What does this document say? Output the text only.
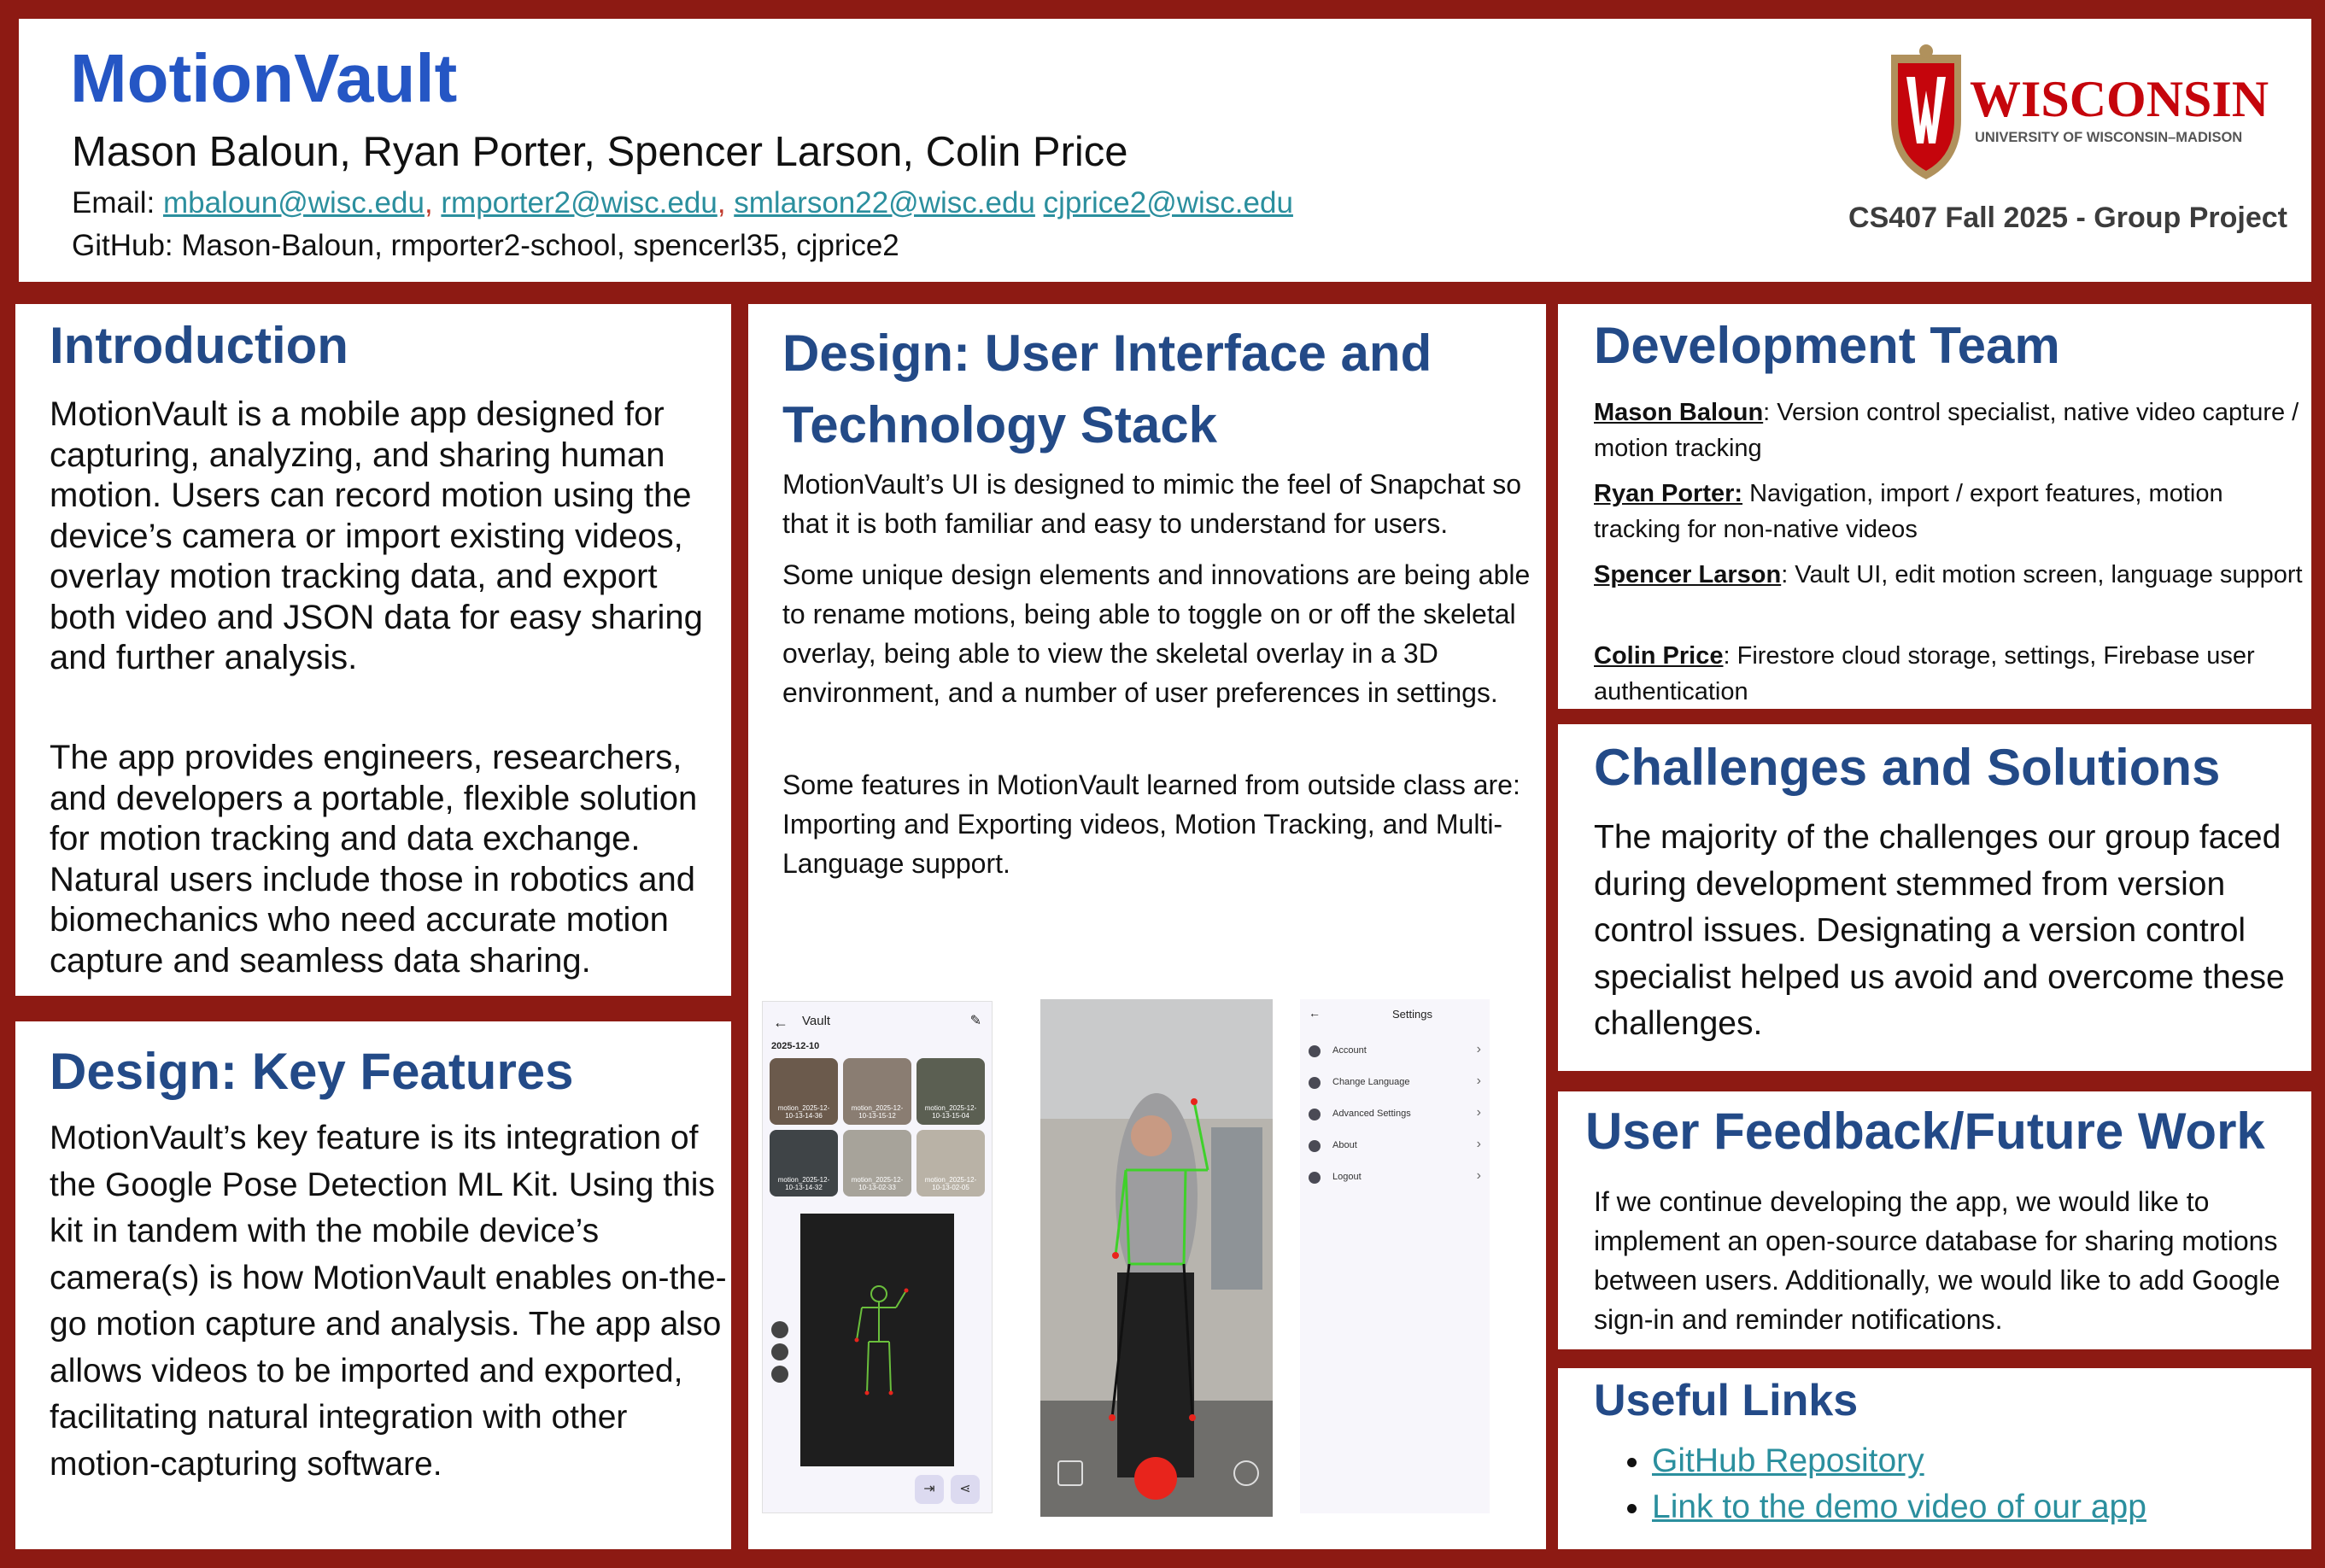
MotionVault
Mason Baloun, Ryan Porter, Spencer Larson, Colin Price
Email: mbaloun@wisc.edu, rmporter2@wisc.edu, smlarson22@wisc.edu cjprice2@wisc.edu
GitHub: Mason-Baloun, rmporter2-school, spencerl35, cjprice2
WISCONSIN
UNIVERSITY OF WISCONSIN–MADISON
CS407 Fall 2025 - Group Project
Introduction

MotionVault is a mobile app designed for capturing, analyzing, and sharing human motion. Users can record motion using the device’s camera or import existing videos, overlay motion tracking data, and export both video and JSON data for easy sharing and further analysis.

The app provides engineers, researchers, and developers a portable, flexible solution for motion tracking and data exchange. Natural users include those in robotics and biomechanics who need accurate motion capture and seamless data sharing.

Design: Key Features

MotionVault’s key feature is its integration of the Google Pose Detection ML Kit. Using this kit in tandem with the mobile device’s camera(s) is how MotionVault enables on-the-go motion capture and analysis. The app also allows videos to be imported and exported, facilitating natural integration with other motion-capturing software.

Design: User Interface and Technology Stack

MotionVault’s UI is designed to mimic the feel of Snapchat so that it is both familiar and easy to understand for users.

Some unique design elements and innovations are being able to rename motions, being able to toggle on or off the skeletal overlay, being able to view the skeletal overlay in a 3D environment, and a number of user preferences in settings.

Some features in MotionVault learned from outside class are: Importing and Exporting videos, Motion Tracking, and Multi-Language support.

← Vault	✎
2025-12-10
motion_2025-12-10-13-14-36
motion_2025-12-10-13-15-12
motion_2025-12-10-13-15-04
motion_2025-12-10-13-14-32
motion_2025-12-10-13-02-33
motion_2025-12-10-13-02-05
⇥	⋖
←	Settings
Account	›
Change Language	›
Advanced Settings	›
About	›
Logout	›
Development Team

Mason Baloun: Version control specialist, native video capture / motion tracking

Ryan Porter: Navigation, import / export features, motion tracking for non-native videos

Spencer Larson: Vault UI, edit motion screen, language support

Colin Price: Firestore cloud storage, settings, Firebase user authentication

Challenges and Solutions

The majority of the challenges our group faced during development stemmed from version control issues. Designating a version control specialist helped us avoid and overcome these challenges.

User Feedback/Future Work

If we continue developing the app, we would like to implement an open-source database for sharing motions between users. Additionally, we would like to add Google sign-in and reminder notifications.

Useful Links
• GitHub Repository
• Link to the demo video of our app
